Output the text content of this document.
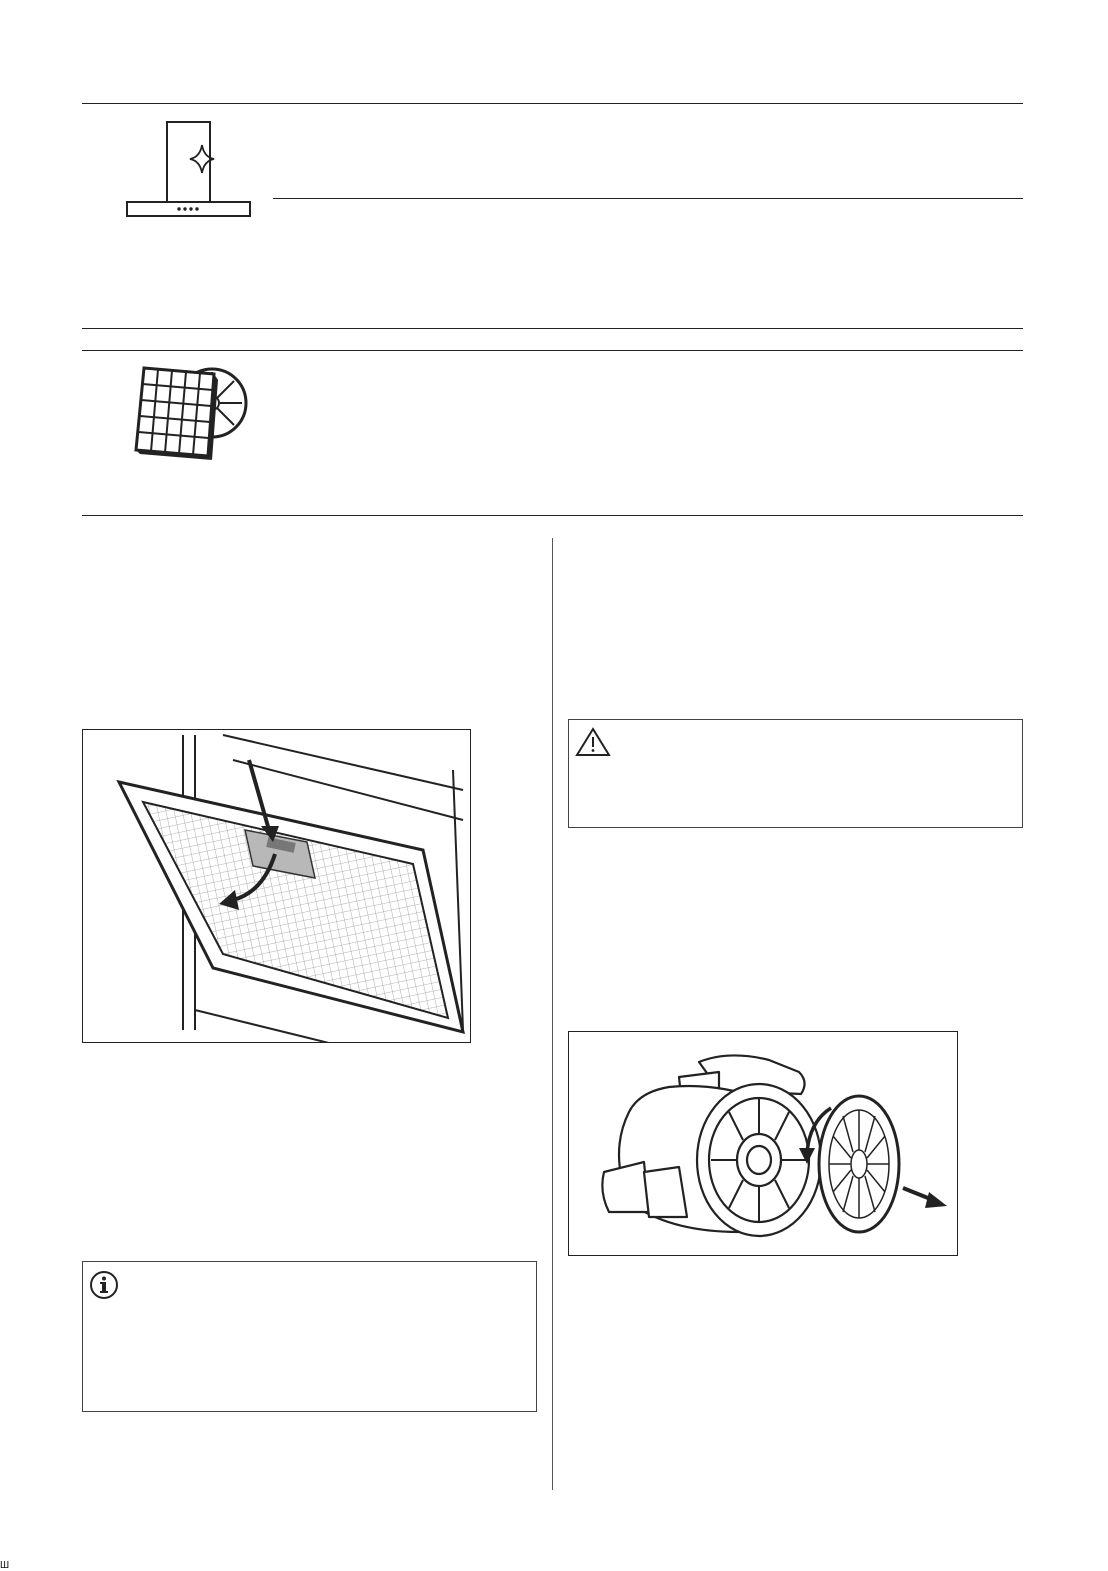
Ш
